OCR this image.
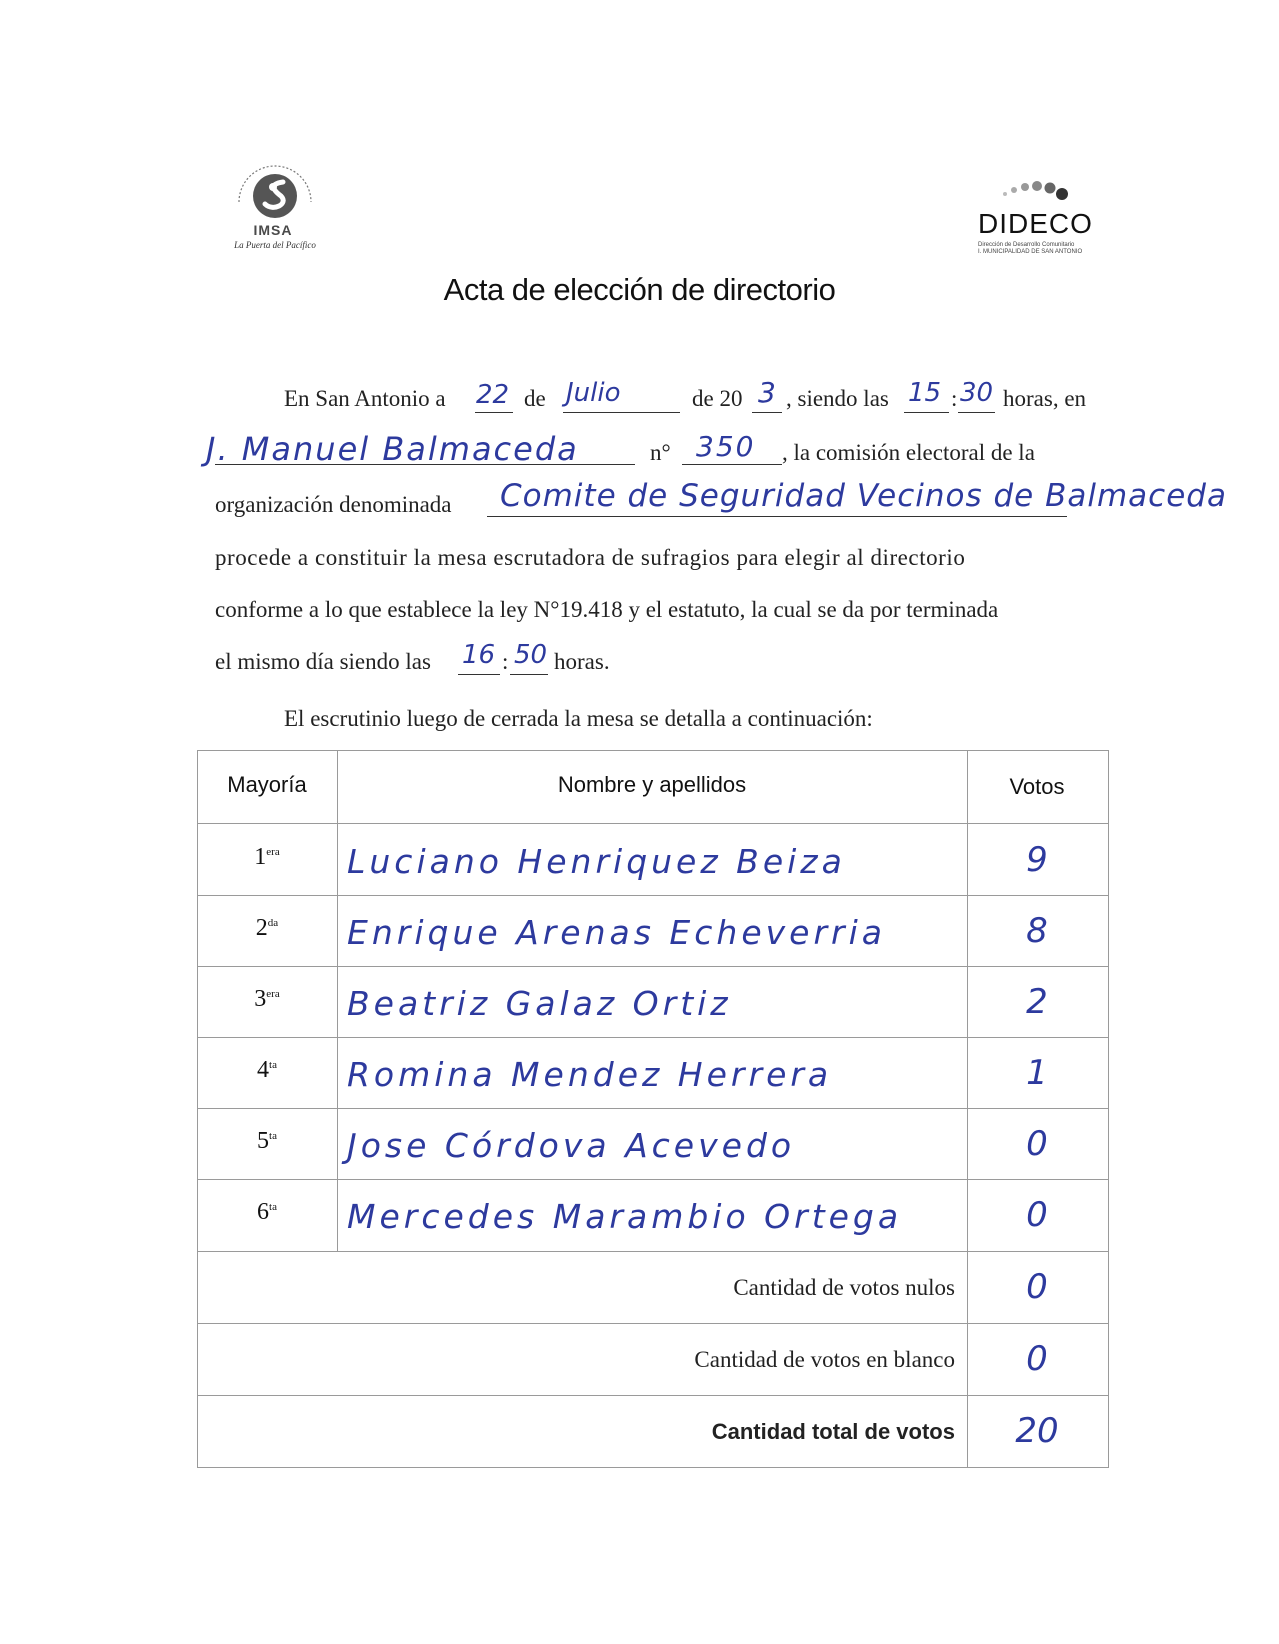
IMSA
La Puerta del Pacífico
DIDECO
Dirección de Desarrollo Comunitario
I. MUNICIPALIDAD DE SAN ANTONIO
Acta de elección de directorio
En San Antonio a 22 de Julio	de 20 3 , siendo las 15 : 30 horas, en
J. Manuel Balmaceda	n° 350 , la comisión electoral de la
organización denominada Comite de Seguridad Vecinos de Balmaceda
procede a constituir la mesa escrutadora de sufragios para elegir al directorio
conforme a lo que establece la ley N°19.418 y el estatuto, la cual se da por terminada
el mismo día siendo las 16 : 50 horas.
El escrutinio luego de cerrada la mesa se detalla a continuación:
Mayoría	Nombre y apellidos	Votos
$1^{era}$	Luciano Henriquez Beiza	9
$2^{da}$	Enrique Arenas Echeverria	8
$3^{era}$	Beatriz Galaz Ortiz	2
$4^{ta}$	Romina Mendez Herrera	1
$5^{ta}$	Jose Córdova Acevedo	0
$6^{ta}$	Mercedes Marambio Ortega	0
Cantidad de votos nulos	0
Cantidad de votos en blanco	0
Cantidad total de votos	20
